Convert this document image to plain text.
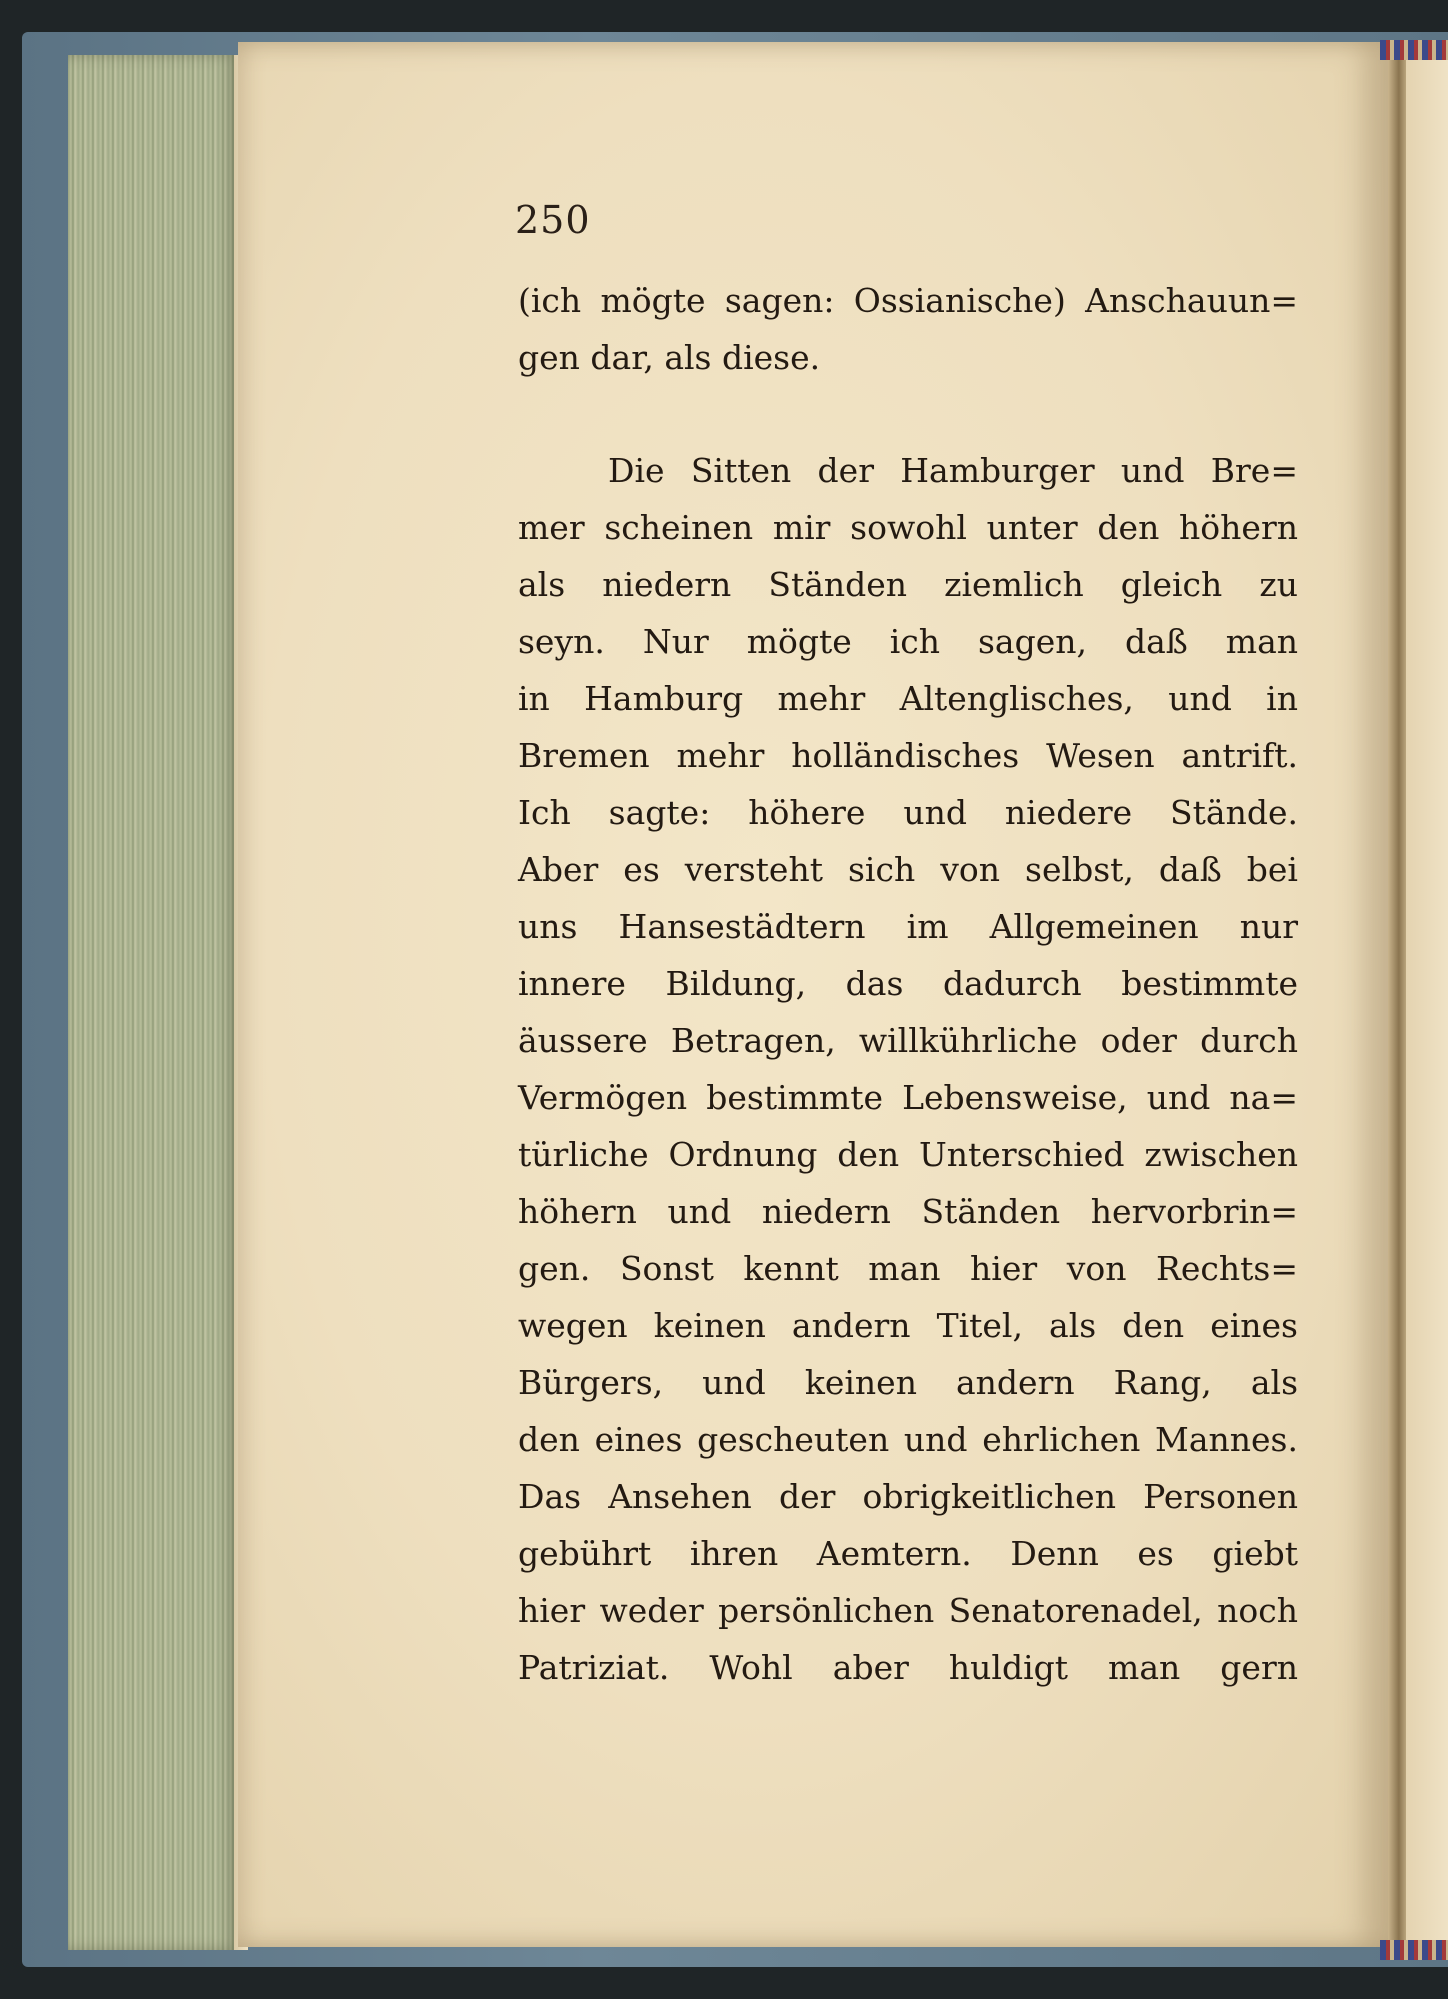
250
(ich mögte sagen: Ossianische) Anschauun=
gen dar, als diese.
Die Sitten der Hamburger und Bre=
mer scheinen mir sowohl unter den höhern
als niedern Ständen ziemlich gleich zu
seyn. Nur mögte ich sagen, daß man
in Hamburg mehr Altenglisches, und in
Bremen mehr holländisches Wesen antrift.
Ich sagte: höhere und niedere Stände.
Aber es versteht sich von selbst, daß bei
uns Hansestädtern im Allgemeinen nur
innere Bildung, das dadurch bestimmte
äussere Betragen, willkührliche oder durch
Vermögen bestimmte Lebensweise, und na=
türliche Ordnung den Unterschied zwischen
höhern und niedern Ständen hervorbrin=
gen. Sonst kennt man hier von Rechts=
wegen keinen andern Titel, als den eines
Bürgers, und keinen andern Rang, als
den eines gescheuten und ehrlichen Mannes.
Das Ansehen der obrigkeitlichen Personen
gebührt ihren Aemtern. Denn es giebt
hier weder persönlichen Senatorenadel, noch
Patriziat. Wohl aber huldigt man gern
